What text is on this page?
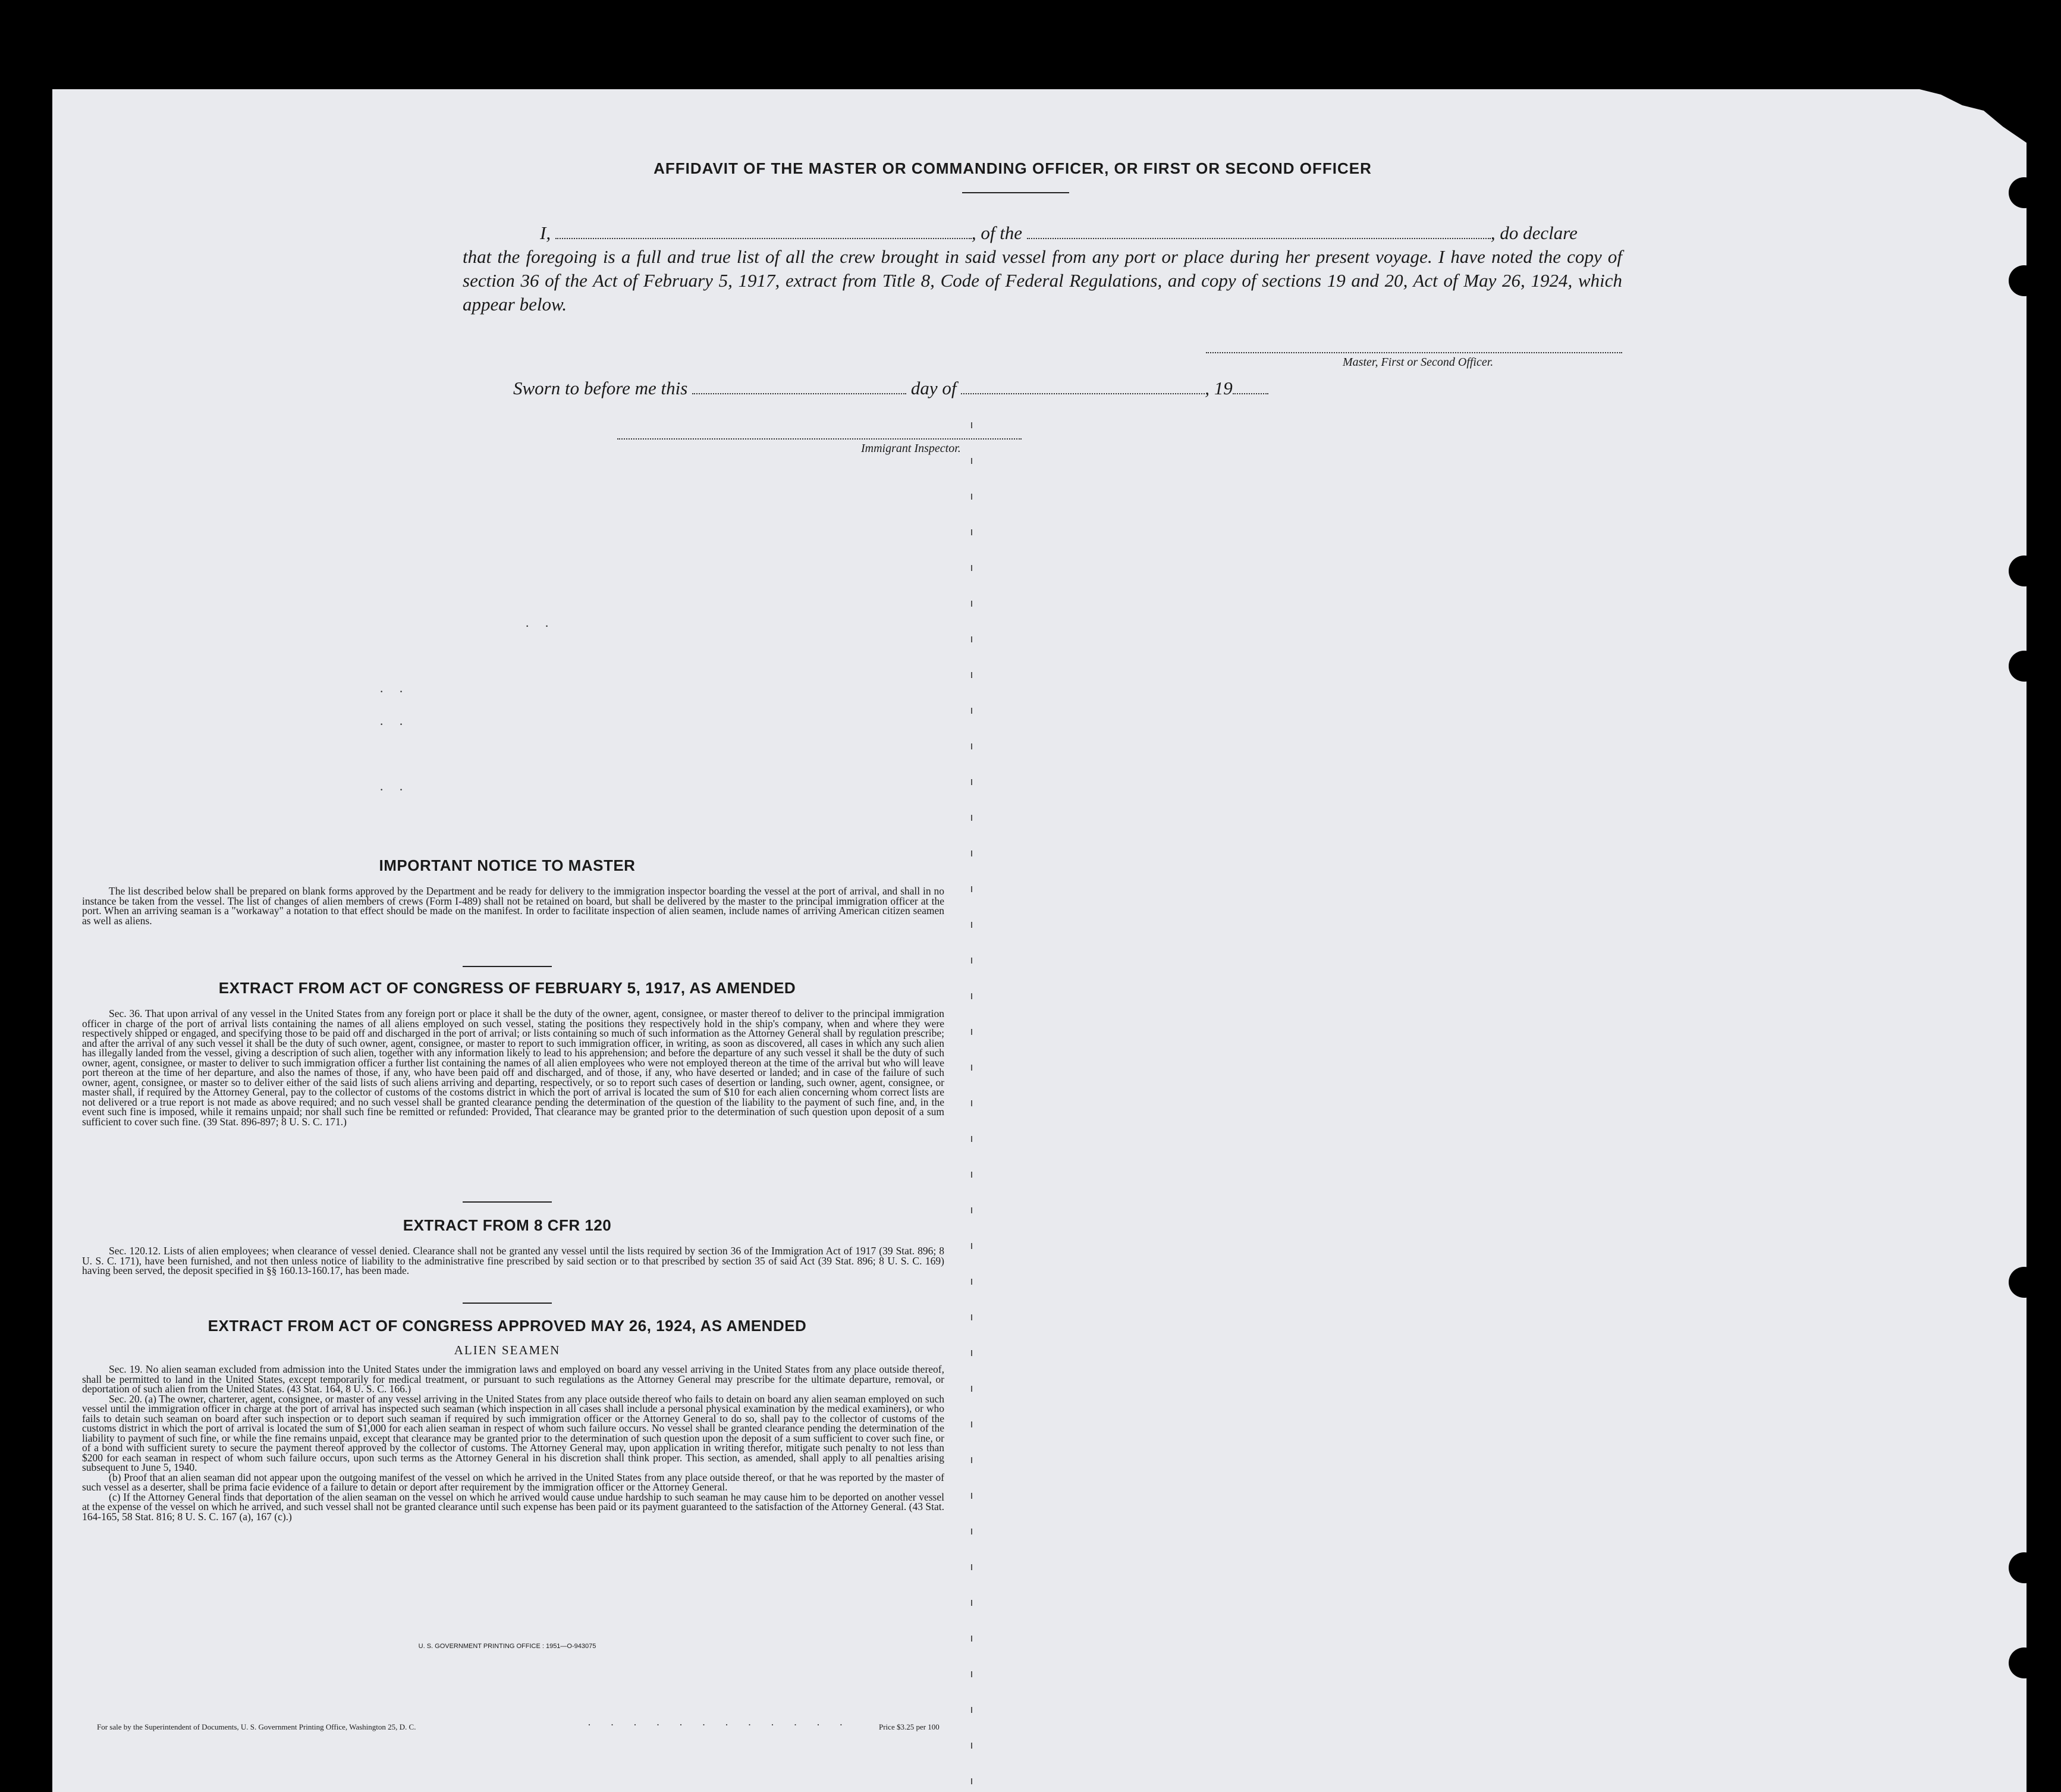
AFFIDAVIT OF THE MASTER OR COMMANDING OFFICER, OR FIRST OR SECOND OFFICER
I,	, of the	, do declare
that the foregoing is a full and true list of all the crew brought in said vessel from any port or place during her present voyage. I have noted the copy of section 36 of the Act of February 5, 1917, extract from Title 8, Code of Federal Regulations, and copy of sections 19 and 20, Act of May 26, 1924, which appear below.
Master, First or Second Officer.
Sworn to before me this	day of	, 19
Immigrant Inspector.
· ·
· ·
· ·
· ·
IMPORTANT NOTICE TO MASTER

The list described below shall be prepared on blank forms approved by the Department and be ready for delivery to the immigration inspector boarding the vessel at the port of arrival, and shall in no instance be taken from the vessel. The list of changes of alien members of crews (Form I-489) shall not be retained on board, but shall be delivered by the master to the principal immigration officer at the port. When an arriving seaman is a "workaway" a notation to that effect should be made on the manifest. In order to facilitate inspection of alien seamen, include names of arriving American citizen seamen as well as aliens.

EXTRACT FROM ACT OF CONGRESS OF FEBRUARY 5, 1917, AS AMENDED

Sec. 36. That upon arrival of any vessel in the United States from any foreign port or place it shall be the duty of the owner, agent, consignee, or master thereof to deliver to the principal immigration officer in charge of the port of arrival lists containing the names of all aliens employed on such vessel, stating the positions they respectively hold in the ship's company, when and where they were respectively shipped or engaged, and specifying those to be paid off and discharged in the port of arrival; or lists containing so much of such information as the Attorney General shall by regulation prescribe; and after the arrival of any such vessel it shall be the duty of such owner, agent, consignee, or master to report to such immigration officer, in writing, as soon as discovered, all cases in which any such alien has illegally landed from the vessel, giving a description of such alien, together with any information likely to lead to his apprehension; and before the departure of any such vessel it shall be the duty of such owner, agent, consignee, or master to deliver to such immigration officer a further list containing the names of all alien employees who were not employed thereon at the time of the arrival but who will leave port thereon at the time of her departure, and also the names of those, if any, who have been paid off and discharged, and of those, if any, who have deserted or landed; and in case of the failure of such owner, agent, consignee, or master so to deliver either of the said lists of such aliens arriving and departing, respectively, or so to report such cases of desertion or landing, such owner, agent, consignee, or master shall, if required by the Attorney General, pay to the collector of customs of the costoms district in which the port of arrival is located the sum of $10 for each alien concerning whom correct lists are not delivered or a true report is not made as above required; and no such vessel shall be granted clearance pending the determination of the question of the liability to the payment of such fine, and, in the event such fine is imposed, while it remains unpaid; nor shall such fine be remitted or refunded: Provided, That clearance may be granted prior to the determination of such question upon deposit of a sum sufficient to cover such fine. (39 Stat. 896-897; 8 U. S. C. 171.)

EXTRACT FROM 8 CFR 120

Sec. 120.12. Lists of alien employees; when clearance of vessel denied. Clearance shall not be granted any vessel until the lists required by section 36 of the Immigration Act of 1917 (39 Stat. 896; 8 U. S. C. 171), have been furnished, and not then unless notice of liability to the administrative fine prescribed by said section or to that prescribed by section 35 of said Act (39 Stat. 896; 8 U. S. C. 169) having been served, the deposit specified in §§ 160.13-160.17, has been made.

EXTRACT FROM ACT OF CONGRESS APPROVED MAY 26, 1924, AS AMENDED
ALIEN SEAMEN

Sec. 19. No alien seaman excluded from admission into the United States under the immigration laws and employed on board any vessel arriving in the United States from any place outside thereof, shall be permitted to land in the United States, except temporarily for medical treatment, or pursuant to such regulations as the Attorney General may prescribe for the ultimate departure, removal, or deportation of such alien from the United States. (43 Stat. 164, 8 U. S. C. 166.)

Sec. 20. (a) The owner, charterer, agent, consignee, or master of any vessel arriving in the United States from any place outside thereof who fails to detain on board any alien seaman employed on such vessel until the immigration officer in charge at the port of arrival has inspected such seaman (which inspection in all cases shall include a personal physical examination by the medical examiners), or who fails to detain such seaman on board after such inspection or to deport such seaman if required by such immigration officer or the Attorney General to do so, shall pay to the collector of customs of the customs district in which the port of arrival is located the sum of $1,000 for each alien seaman in respect of whom such failure occurs. No vessel shall be granted clearance pending the determination of the liability to payment of such fine, or while the fine remains unpaid, except that clearance may be granted prior to the determination of such question upon the deposit of a sum sufficient to cover such fine, or of a bond with sufficient surety to secure the payment thereof approved by the collector of customs. The Attorney General may, upon application in writing therefor, mitigate such penalty to not less than $200 for each seaman in respect of whom such failure occurs, upon such terms as the Attorney General in his discretion shall think proper. This section, as amended, shall apply to all penalties arising subsequent to June 5, 1940.

(b) Proof that an alien seaman did not appear upon the outgoing manifest of the vessel on which he arrived in the United States from any place outside thereof, or that he was reported by the master of such vessel as a deserter, shall be prima facie evidence of a failure to detain or deport after requirement by the immigration officer or the Attorney General.

(c) If the Attorney General finds that deportation of the alien seaman on the vessel on which he arrived would cause undue hardship to such seaman he may cause him to be deported on another vessel at the expense of the vessel on which he arrived, and such vessel shall not be granted clearance until such expense has been paid or its payment guaranteed to the satisfaction of the Attorney General. (43 Stat. 164-165, 58 Stat. 816; 8 U. S. C. 167 (a), 167 (c).)

U. S. GOVERNMENT PRINTING OFFICE : 1951—O-943075
For sale by the Superintendent of Documents, U. S. Government Printing Office, Washington 25, D. C.	Price $3.25 per 100
· · · · · · · · · · · ·
